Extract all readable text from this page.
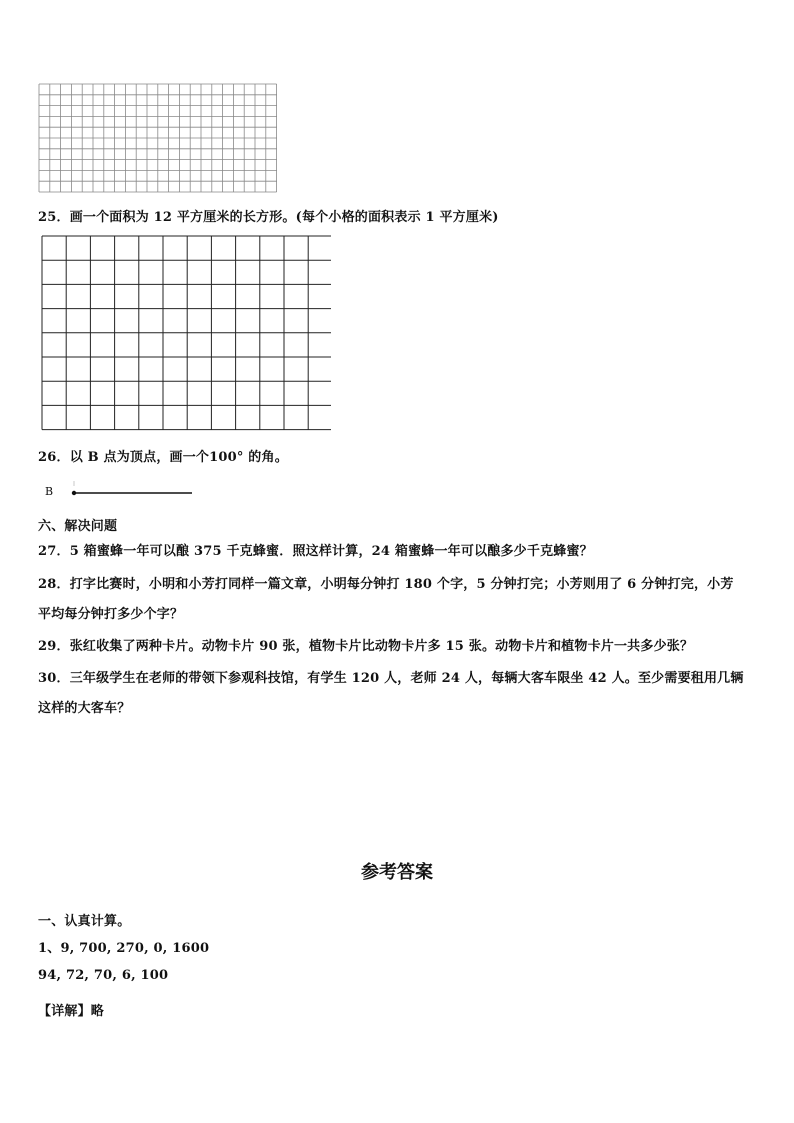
25．画一个面积为 12 平方厘米的长方形。(每个小格的面积表示 1 平方厘米)
26．以 B 点为顶点，画一个100° 的角。
B
六、解决问题
27．5 箱蜜蜂一年可以酿 375 千克蜂蜜．照这样计算，24 箱蜜蜂一年可以酿多少千克蜂蜜？
28．打字比赛时，小明和小芳打同样一篇文章，小明每分钟打 180 个字，5 分钟打完；小芳则用了 6 分钟打完，小芳
平均每分钟打多少个字？
29．张红收集了两种卡片。动物卡片 90 张，植物卡片比动物卡片多 15 张。动物卡片和植物卡片一共多少张？
30．三年级学生在老师的带领下参观科技馆，有学生 120 人，老师 24 人，每辆大客车限坐 42 人。至少需要租用几辆
这样的大客车？
参考答案
一、认真计算。
1、9, 700, 270, 0, 1600
94, 72, 70, 6, 100
【详解】略
